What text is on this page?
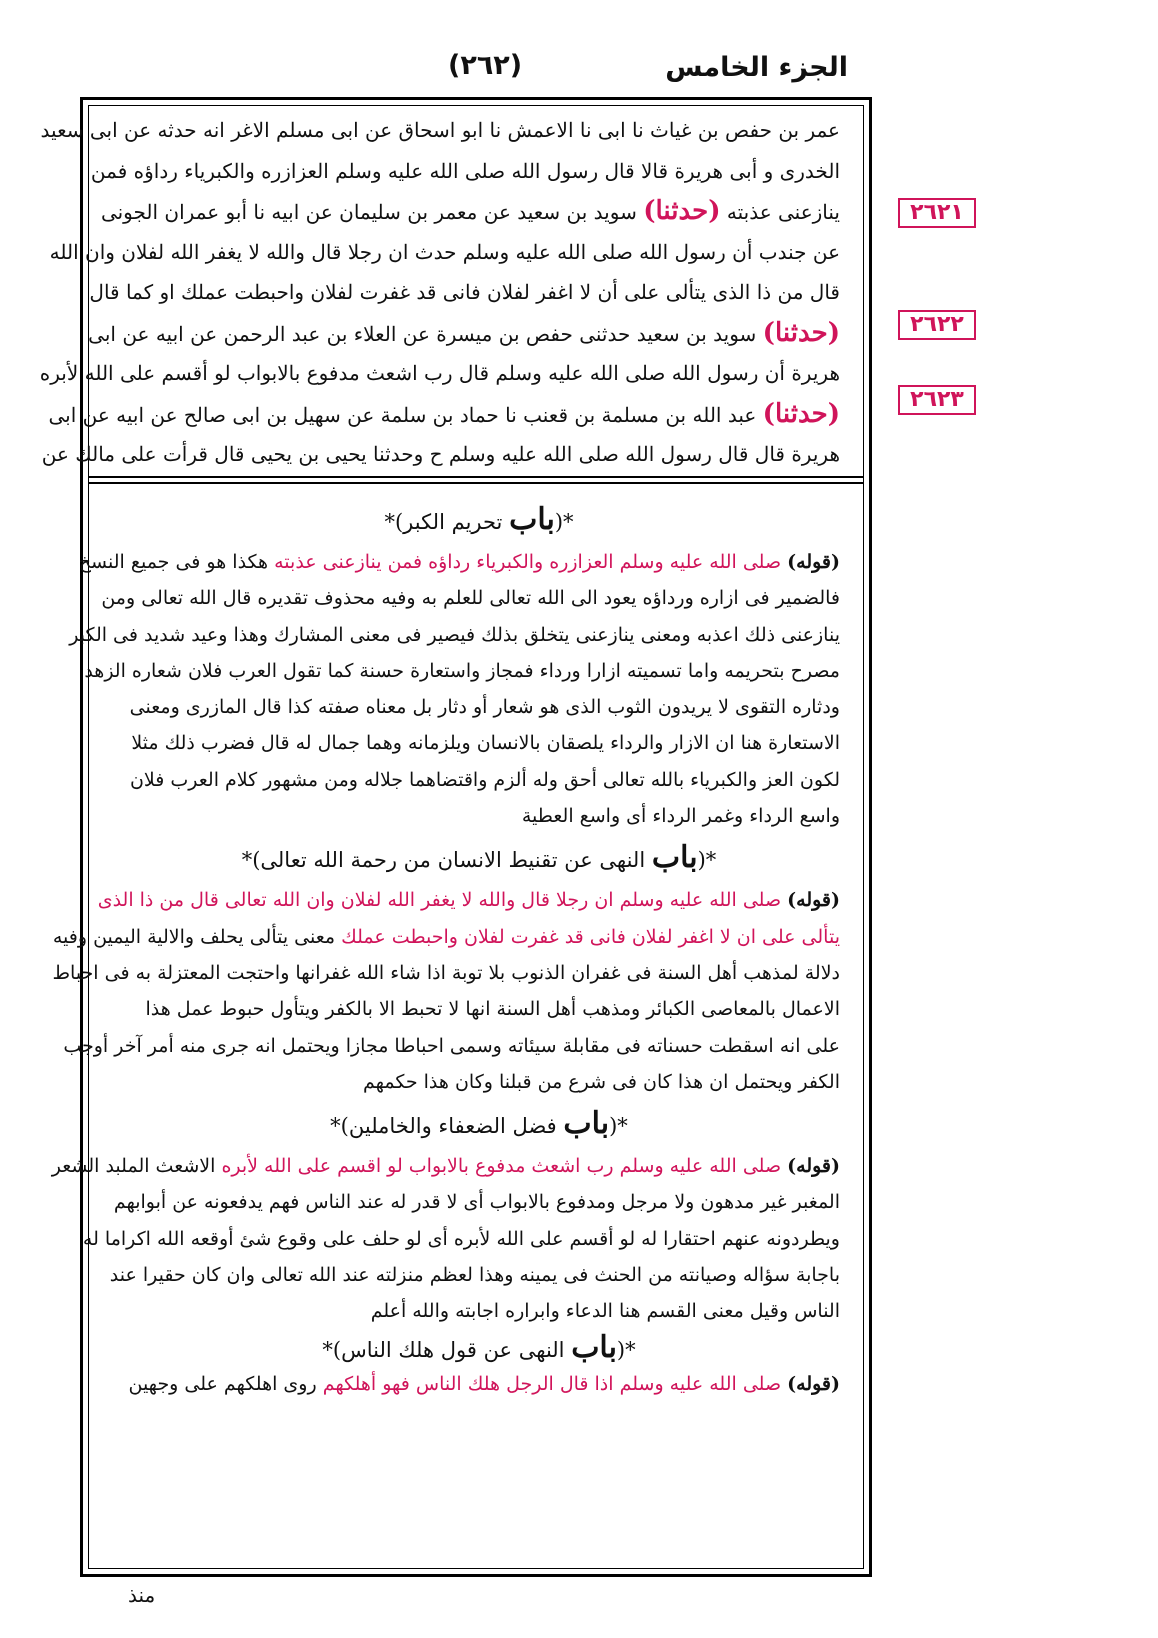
الجزء الخامس
(٢٦٢)
عمر بن حفص بن غياث نا ابى نا الاعمش نا ابو اسحاق عن ابى مسلم الاغر انه حدثه عن ابى سعيد
الخدرى و أبى هريرة قالا قال رسول الله صلى الله عليه وسلم العزازره والكبرياء رداؤه فمن
ينازعنى عذبته (حدثنا) سويد بن سعيد عن معمر بن سليمان عن ابيه نا أبو عمران الجونى
عن جندب أن رسول الله صلى الله عليه وسلم حدث ان رجلا قال والله لا يغفر الله لفلان وان الله
قال من ذا الذى يتألى على أن لا اغفر لفلان فانى قد غفرت لفلان واحبطت عملك او كما قال
(حدثنا) سويد بن سعيد حدثنى حفص بن ميسرة عن العلاء بن عبد الرحمن عن ابيه عن ابى
هريرة أن رسول الله صلى الله عليه وسلم قال رب اشعث مدفوع بالابواب لو أقسم على الله لأبره
(حدثنا) عبد الله بن مسلمة بن قعنب نا حماد بن سلمة عن سهيل بن ابى صالح عن ابيه عن ابى
هريرة قال قال رسول الله صلى الله عليه وسلم ح وحدثنا يحيى بن يحيى قال قرأت على مالك عن
٢٦٢١
٢٦٢٢
٢٦٢٣
*(باب تحريم الكبر)*
(قوله) صلى الله عليه وسلم العزازره والكبرياء رداؤه فمن ينازعنى عذبته هكذا هو فى جميع النسخ
فالضمير فى ازاره ورداؤه يعود الى الله تعالى للعلم به وفيه محذوف تقديره قال الله تعالى ومن
ينازعنى ذلك اعذبه ومعنى ينازعنى يتخلق بذلك فيصير فى معنى المشارك وهذا وعيد شديد فى الكبر
مصرح بتحريمه واما تسميته ازارا ورداء فمجاز واستعارة حسنة كما تقول العرب فلان شعاره الزهد
ودثاره التقوى لا يريدون الثوب الذى هو شعار أو دثار بل معناه صفته كذا قال المازرى ومعنى
الاستعارة هنا ان الازار والرداء يلصقان بالانسان ويلزمانه وهما جمال له قال فضرب ذلك مثلا
لكون العز والكبرياء بالله تعالى أحق وله ألزم واقتضاهما جلاله ومن مشهور كلام العرب فلان
واسع الرداء وغمر الرداء أى واسع العطية
*(باب النهى عن تقنيط الانسان من رحمة الله تعالى)*
(قوله) صلى الله عليه وسلم ان رجلا قال والله لا يغفر الله لفلان وان الله تعالى قال من ذا الذى
يتألى على ان لا اغفر لفلان فانى قد غفرت لفلان واحبطت عملك معنى يتألى يحلف والالية اليمين وفيه
دلالة لمذهب أهل السنة فى غفران الذنوب بلا توبة اذا شاء الله غفرانها واحتجت المعتزلة به فى احباط
الاعمال بالمعاصى الكبائر ومذهب أهل السنة انها لا تحبط الا بالكفر ويتأول حبوط عمل هذا
على انه اسقطت حسناته فى مقابلة سيئاته وسمى احباطا مجازا ويحتمل انه جرى منه أمر آخر أوجب
الكفر ويحتمل ان هذا كان فى شرع من قبلنا وكان هذا حكمهم
*(باب فضل الضعفاء والخاملين)*
(قوله) صلى الله عليه وسلم رب اشعث مدفوع بالابواب لو اقسم على الله لأبره الاشعث الملبد الشعر
المغبر غير مدهون ولا مرجل ومدفوع بالابواب أى لا قدر له عند الناس فهم يدفعونه عن أبوابهم
ويطردونه عنهم احتقارا له لو أقسم على الله لأبره أى لو حلف على وقوع شئ أوقعه الله اكراما له
باجابة سؤاله وصيانته من الحنث فى يمينه وهذا لعظم منزلته عند الله تعالى وان كان حقيرا عند
الناس وقيل معنى القسم هنا الدعاء وابراره اجابته والله أعلم
*(باب النهى عن قول هلك الناس)*
(قوله) صلى الله عليه وسلم اذا قال الرجل هلك الناس فهو أهلكهم روى اهلكهم على وجهين
منذ
